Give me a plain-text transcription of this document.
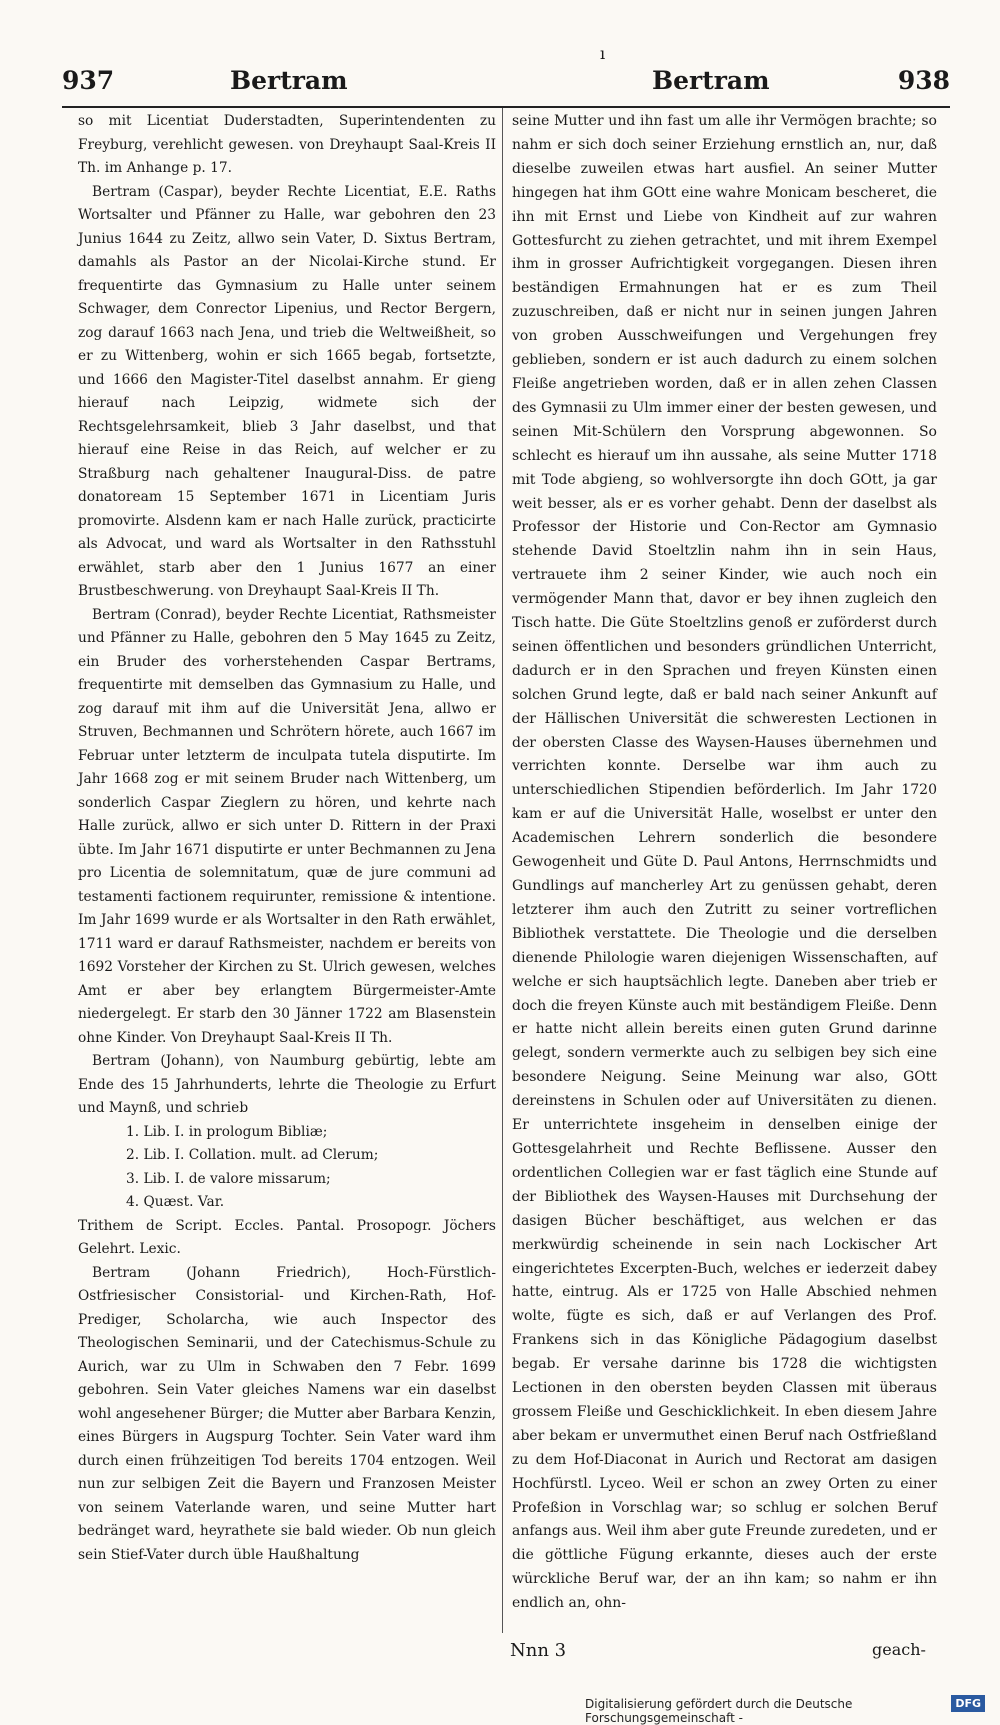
ı
937	Bertram	Bertram	938

so mit Licentiat Duderstadten, Superintendenten zu Freyburg, verehlicht gewesen. von Dreyhaupt Saal-Kreis II Th. im Anhange p. 17.

Bertram (Caspar), beyder Rechte Licentiat, E.E. Raths Wortsalter und Pfänner zu Halle, war gebohren den 23 Junius 1644 zu Zeitz, allwo sein Vater, D. Sixtus Bertram, damahls als Pastor an der Nicolai-Kirche stund. Er frequentirte das Gymnasium zu Halle unter seinem Schwager, dem Conrector Lipenius, und Rector Bergern, zog darauf 1663 nach Jena, und trieb die Weltweißheit, so er zu Wittenberg, wohin er sich 1665 begab, fortsetzte, und 1666 den Magister-Titel daselbst annahm. Er gieng hierauf nach Leipzig, widmete sich der Rechtsgelehrsamkeit, blieb 3 Jahr daselbst, und that hierauf eine Reise in das Reich, auf welcher er zu Straßburg nach gehaltener Inaugural-Diss. de patre donatoream 15 September 1671 in Licentiam Juris promovirte. Alsdenn kam er nach Halle zurück, practicirte als Advocat, und ward als Wortsalter in den Rathsstuhl erwählet, starb aber den 1 Junius 1677 an einer Brustbeschwerung. von Dreyhaupt Saal-Kreis II Th.

Bertram (Conrad), beyder Rechte Licentiat, Rathsmeister und Pfänner zu Halle, gebohren den 5 May 1645 zu Zeitz, ein Bruder des vorherstehenden Caspar Bertrams, frequentirte mit demselben das Gymnasium zu Halle, und zog darauf mit ihm auf die Universität Jena, allwo er Struven, Bechmannen und Schrötern hörete, auch 1667 im Februar unter letzterm de inculpata tutela disputirte. Im Jahr 1668 zog er mit seinem Bruder nach Wittenberg, um sonderlich Caspar Zieglern zu hören, und kehrte nach Halle zurück, allwo er sich unter D. Rittern in der Praxi übte. Im Jahr 1671 disputirte er unter Bechmannen zu Jena pro Licentia de solemnitatum, quæ de jure communi ad testamenti factionem requirunter, remissione & intentione. Im Jahr 1699 wurde er als Wortsalter in den Rath erwählet, 1711 ward er darauf Rathsmeister, nachdem er bereits von 1692 Vorsteher der Kirchen zu St. Ulrich gewesen, welches Amt er aber bey erlangtem Bürgermeister-Amte niedergelegt. Er starb den 30 Jänner 1722 am Blasenstein ohne Kinder. Von Dreyhaupt Saal-Kreis II Th.

Bertram (Johann), von Naumburg gebürtig, lebte am Ende des 15 Jahrhunderts, lehrte die Theologie zu Erfurt und Maynß, und schrieb

1. Lib. I. in prologum Bibliæ;
2. Lib. I. Collation. mult. ad Clerum;
3. Lib. I. de valore missarum;
4. Quæst. Var.

Trithem de Script. Eccles. Pantal. Prosopogr. Jöchers Gelehrt. Lexic.

Bertram (Johann Friedrich), Hoch-Fürstlich-Ostfriesischer Consistorial- und Kirchen-Rath, Hof-Prediger, Scholarcha, wie auch Inspector des Theologischen Seminarii, und der Catechismus-Schule zu Aurich, war zu Ulm in Schwaben den 7 Febr. 1699 gebohren. Sein Vater gleiches Namens war ein daselbst wohl angesehener Bürger; die Mutter aber Barbara Kenzin, eines Bürgers in Augspurg Tochter. Sein Vater ward ihm durch einen frühzeitigen Tod bereits 1704 entzogen. Weil nun zur selbigen Zeit die Bayern und Franzosen Meister von seinem Vaterlande waren, und seine Mutter hart bedränget ward, heyrathete sie bald wieder. Ob nun gleich sein Stief-Vater durch üble Haußhaltung

seine Mutter und ihn fast um alle ihr Vermögen brachte; so nahm er sich doch seiner Erziehung ernstlich an, nur, daß dieselbe zuweilen etwas hart ausfiel. An seiner Mutter hingegen hat ihm GOtt eine wahre Monicam bescheret, die ihn mit Ernst und Liebe von Kindheit auf zur wahren Gottesfurcht zu ziehen getrachtet, und mit ihrem Exempel ihm in grosser Aufrichtigkeit vorgegangen. Diesen ihren beständigen Ermahnungen hat er es zum Theil zuzuschreiben, daß er nicht nur in seinen jungen Jahren von groben Ausschweifungen und Vergehungen frey geblieben, sondern er ist auch dadurch zu einem solchen Fleiße angetrieben worden, daß er in allen zehen Classen des Gymnasii zu Ulm immer einer der besten gewesen, und seinen Mit-Schülern den Vorsprung abgewonnen. So schlecht es hierauf um ihn aussahe, als seine Mutter 1718 mit Tode abgieng, so wohlversorgte ihn doch GOtt, ja gar weit besser, als er es vorher gehabt. Denn der daselbst als Professor der Historie und Con-Rector am Gymnasio stehende David Stoeltzlin nahm ihn in sein Haus, vertrauete ihm 2 seiner Kinder, wie auch noch ein vermögender Mann that, davor er bey ihnen zugleich den Tisch hatte. Die Güte Stoeltzlins genoß er zuförderst durch seinen öffentlichen und besonders gründlichen Unterricht, dadurch er in den Sprachen und freyen Künsten einen solchen Grund legte, daß er bald nach seiner Ankunft auf der Hällischen Universität die schweresten Lectionen in der obersten Classe des Waysen-Hauses übernehmen und verrichten konnte. Derselbe war ihm auch zu unterschiedlichen Stipendien beförderlich. Im Jahr 1720 kam er auf die Universität Halle, woselbst er unter den Academischen Lehrern sonderlich die besondere Gewogenheit und Güte D. Paul Antons, Herrnschmidts und Gundlings auf mancherley Art zu genüssen gehabt, deren letzterer ihm auch den Zutritt zu seiner vortreflichen Bibliothek verstattete. Die Theologie und die derselben dienende Philologie waren diejenigen Wissenschaften, auf welche er sich hauptsächlich legte. Daneben aber trieb er doch die freyen Künste auch mit beständigem Fleiße. Denn er hatte nicht allein bereits einen guten Grund darinne gelegt, sondern vermerkte auch zu selbigen bey sich eine besondere Neigung. Seine Meinung war also, GOtt dereinstens in Schulen oder auf Universitäten zu dienen. Er unterrichtete insgeheim in denselben einige der Gottesgelahrheit und Rechte Beflissene. Ausser den ordentlichen Collegien war er fast täglich eine Stunde auf der Bibliothek des Waysen-Hauses mit Durchsehung der dasigen Bücher beschäftiget, aus welchen er das merkwürdig scheinende in sein nach Lockischer Art eingerichtetes Excerpten-Buch, welches er iederzeit dabey hatte, eintrug. Als er 1725 von Halle Abschied nehmen wolte, fügte es sich, daß er auf Verlangen des Prof. Frankens sich in das Königliche Pädagogium daselbst begab. Er versahe darinne bis 1728 die wichtigsten Lectionen in den obersten beyden Classen mit überaus grossem Fleiße und Geschicklichkeit. In eben diesem Jahre aber bekam er unvermuthet einen Beruf nach Ostfrießland zu dem Hof-Diaconat in Aurich und Rectorat am dasigen Hochfürstl. Lyceo. Weil er schon an zwey Orten zu einer Profeßion in Vorschlag war; so schlug er solchen Beruf anfangs aus. Weil ihm aber gute Freunde zuredeten, und er die göttliche Fügung erkannte, dieses auch der erste würckliche Beruf war, der an ihn kam; so nahm er ihn endlich an, ohn-

Nnn 3	geach-
Digitalisierung gefördert durch die Deutsche Forschungsgemeinschaft -
DFG
